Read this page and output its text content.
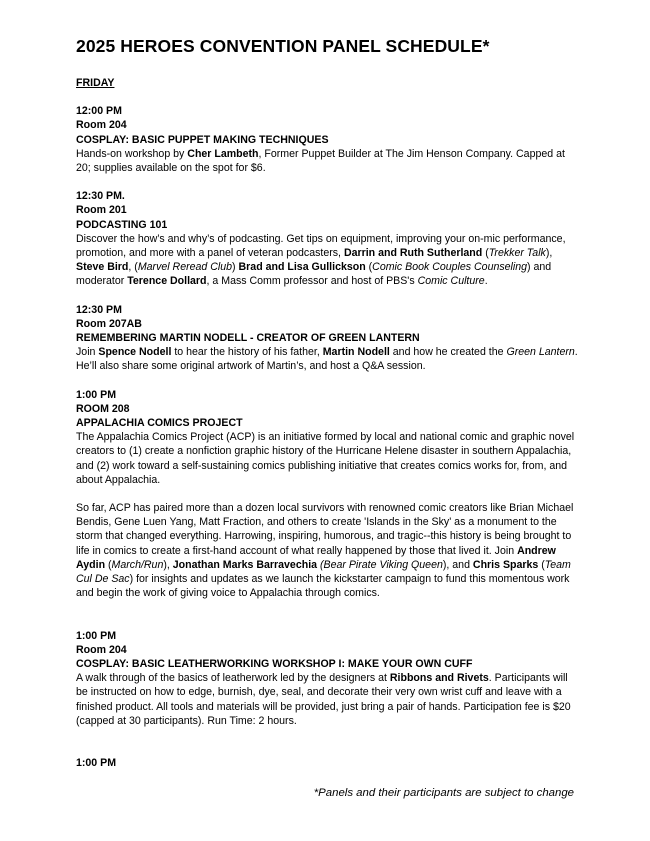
2025 HEROES CONVENTION PANEL SCHEDULE*
FRIDAY
12:00 PM
Room 204
COSPLAY: BASIC PUPPET MAKING TECHNIQUES

Hands-on workshop by Cher Lambeth, Former Puppet Builder at The Jim Henson Company. Capped at 20; supplies available on the spot for $6.

12:30 PM.
Room 201
PODCASTING 101

Discover the how’s and why’s of podcasting. Get tips on equipment, improving your on-mic performance, promotion, and more with a panel of veteran podcasters, Darrin and Ruth Sutherland (Trekker Talk), Steve Bird, (Marvel Reread Club) Brad and Lisa Gullickson (Comic Book Couples Counseling) and moderator Terence Dollard, a Mass Comm professor and host of PBS's Comic Culture.

12:30 PM
Room 207AB
REMEMBERING MARTIN NODELL - CREATOR OF GREEN LANTERN

Join Spence Nodell to hear the history of his father, Martin Nodell and how he created the Green Lantern. He’ll also share some original artwork of Martin’s, and host a Q&A session.

1:00 PM
ROOM 208
APPALACHIA COMICS PROJECT

The Appalachia Comics Project (ACP) is an initiative formed by local and national comic and graphic novel creators to (1) create a nonfiction graphic history of the Hurricane Helene disaster in southern Appalachia, and (2) work toward a self-sustaining comics publishing initiative that creates comics works for, from, and about Appalachia.

So far, ACP has paired more than a dozen local survivors with renowned comic creators like Brian Michael Bendis, Gene Luen Yang, Matt Fraction, and others to create 'Islands in the Sky' as a monument to the storm that changed everything. Harrowing, inspiring, humorous, and tragic--this history is being brought to life in comics to create a first-hand account of what really happened by those that lived it. Join Andrew Aydin (March/Run), Jonathan Marks Barravechia (Bear Pirate Viking Queen), and Chris Sparks (Team Cul De Sac) for insights and updates as we launch the kickstarter campaign to fund this momentous work and begin the work of giving voice to Appalachia through comics.

1:00 PM
Room 204
COSPLAY: BASIC LEATHERWORKING WORKSHOP I: MAKE YOUR OWN CUFF

A walk through of the basics of leatherwork led by the designers at Ribbons and Rivets. Participants will be instructed on how to edge, burnish, dye, seal, and decorate their very own wrist cuff and leave with a finished product. All tools and materials will be provided, just bring a pair of hands. Participation fee is $20 (capped at 30 participants). Run Time: 2 hours.

1:00 PM
*Panels and their participants are subject to change
